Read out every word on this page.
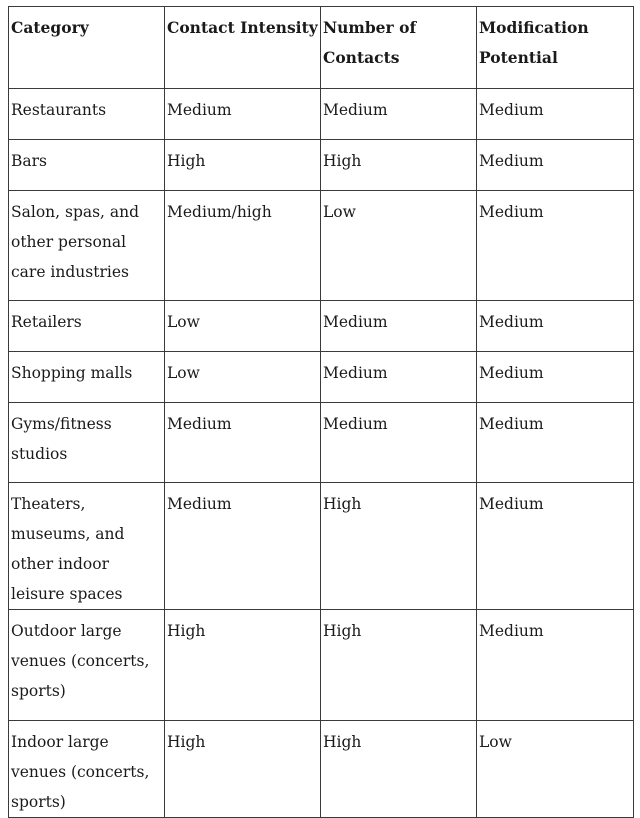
Category	Contact Intensity	Number of Contacts	Modification Potential
Restaurants	Medium	Medium	Medium
Bars	High	High	Medium
Salon, spas, and other personal care industries	Medium/high	Low	Medium
Retailers	Low	Medium	Medium
Shopping malls	Low	Medium	Medium
Gyms/fitness studios	Medium	Medium	Medium
Theaters, museums, and other indoor leisure spaces	Medium	High	Medium
Outdoor large venues (concerts, sports)	High	High	Medium
Indoor large venues (concerts, sports)	High	High	Low
